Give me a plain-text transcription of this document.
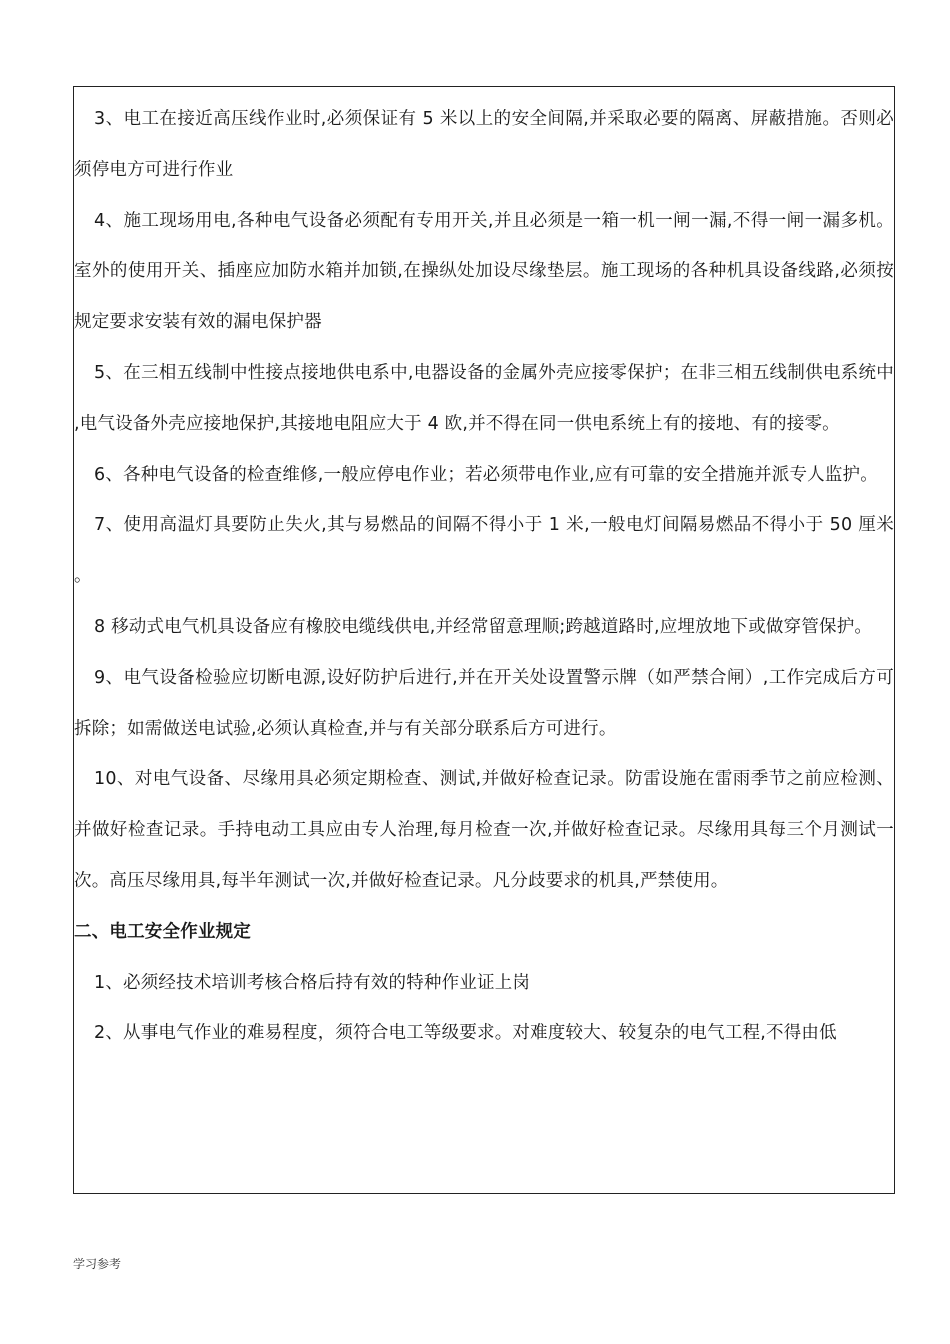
3、电工在接近高压线作业时,必须保证有 5 米以上的安全间隔,并采取必要的隔离、屏蔽措施。否则必须停电方可进行作业

4、施工现场用电,各种电气设备必须配有专用开关,并且必须是一箱一机一闸一漏,不得一闸一漏多机。室外的使用开关、插座应加防水箱并加锁,在操纵处加设尽缘垫层。施工现场的各种机具设备线路,必须按规定要求安装有效的漏电保护器

5、在三相五线制中性接点接地供电系中,电器设备的金属外壳应接零保护；在非三相五线制供电系统中,电气设备外壳应接地保护,其接地电阻应大于 4 欧,并不得在同一供电系统上有的接地、有的接零。

6、各种电气设备的检查维修,一般应停电作业；若必须带电作业,应有可靠的安全措施并派专人监护。

7、使用高温灯具要防止失火,其与易燃品的间隔不得小于 1 米,一般电灯间隔易燃品不得小于 50 厘米。

8 移动式电气机具设备应有橡胶电缆线供电,并经常留意理顺;跨越道路时,应埋放地下或做穿管保护。

9、电气设备检验应切断电源,设好防护后进行,并在开关处设置警示牌（如严禁合闸）,工作完成后方可拆除；如需做送电试验,必须认真检查,并与有关部分联系后方可进行。

10、对电气设备、尽缘用具必须定期检查、测试,并做好检查记录。防雷设施在雷雨季节之前应检测、并做好检查记录。手持电动工具应由专人治理,每月检查一次,并做好检查记录。尽缘用具每三个月测试一次。高压尽缘用具,每半年测试一次,并做好检查记录。凡分歧要求的机具,严禁使用。

二、电工安全作业规定

1、必须经技术培训考核合格后持有效的特种作业证上岗

2、从事电气作业的难易程度，须符合电工等级要求。对难度较大、较复杂的电气工程,不得由低

学习参考
